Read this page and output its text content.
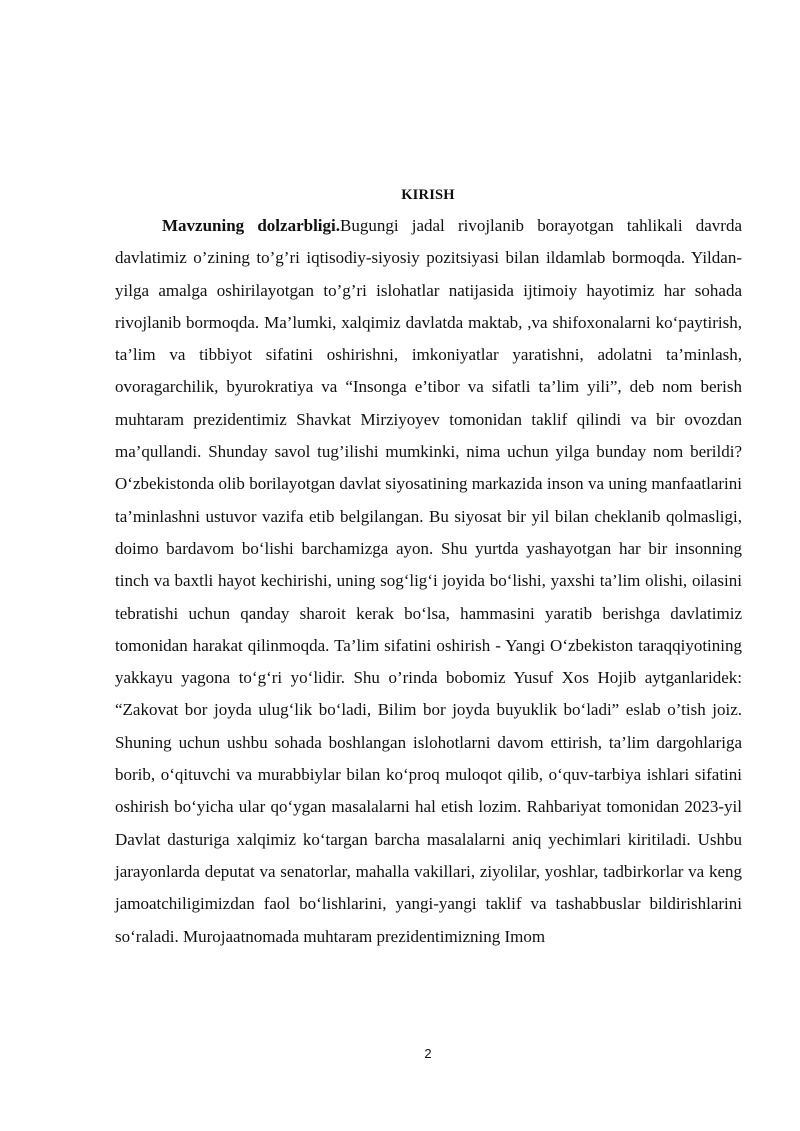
KIRISH

Mavzuning dolzarbligi.Bugungi jadal rivojlanib borayotgan tahlikali davrda davlatimiz o’zining to’g’ri iqtisodiy-siyosiy pozitsiyasi bilan ildamlab bormoqda. Yildan-yilga amalga oshirilayotgan to’g’ri islohatlar natijasida ijtimoiy hayotimiz har sohada rivojlanib bormoqda. Ma’lumki, xalqimiz davlatda maktab, ,va shifoxonalarni koʻpaytirish, ta’lim va tibbiyot sifatini oshirishni, imkoniyatlar yaratishni, adolatni ta’minlash, ovoragarchilik, byurokratiya va “Insonga e’tibor va sifatli ta’lim yili”, deb nom berish muhtaram prezidentimiz Shavkat Mirziyoyev tomonidan taklif qilindi va bir ovozdan ma’qullandi. Shunday savol tug’ilishi mumkinki, nima uchun yilga bunday nom berildi? Oʻzbekistonda olib borilayotgan davlat siyosatining markazida inson va uning manfaatlarini ta’minlashni ustuvor vazifa etib belgilangan. Bu siyosat bir yil bilan cheklanib qolmasligi, doimo bardavom boʻlishi barchamizga ayon. Shu yurtda yashayotgan har bir insonning tinch va baxtli hayot kechirishi, uning sogʻligʻi joyida boʻlishi, yaxshi ta’lim olishi, oilasini tebratishi uchun qanday sharoit kerak boʻlsa, hammasini yaratib berishga davlatimiz tomonidan harakat qilinmoqda. Ta’lim sifatini oshirish - Yangi Oʻzbekiston taraqqiyotining yakkayu yagona toʻgʻri yoʻlidir. Shu o’rinda bobomiz Yusuf Xos Hojib aytganlaridek: “Zakovat bor joyda ulugʻlik boʻladi, Bilim bor joyda buyuklik boʻladi” eslab o’tish joiz. Shuning uchun ushbu sohada boshlangan islohotlarni davom ettirish, ta’lim dargohlariga borib, oʻqituvchi va murabbiylar bilan koʻproq muloqot qilib, oʻquv-tarbiya ishlari sifatini oshirish boʻyicha ular qoʻygan masalalarni hal etish lozim. Rahbariyat tomonidan 2023-yil Davlat dasturiga xalqimiz koʻtargan barcha masalalarni aniq yechimlari kiritiladi. Ushbu jarayonlarda deputat va senatorlar, mahalla vakillari, ziyolilar, yoshlar, tadbirkorlar va keng jamoatchiligimizdan faol boʻlishlarini, yangi-yangi taklif va tashabbuslar bildirishlarini soʻraladi. Murojaatnomada muhtaram prezidentimizning Imom

2
